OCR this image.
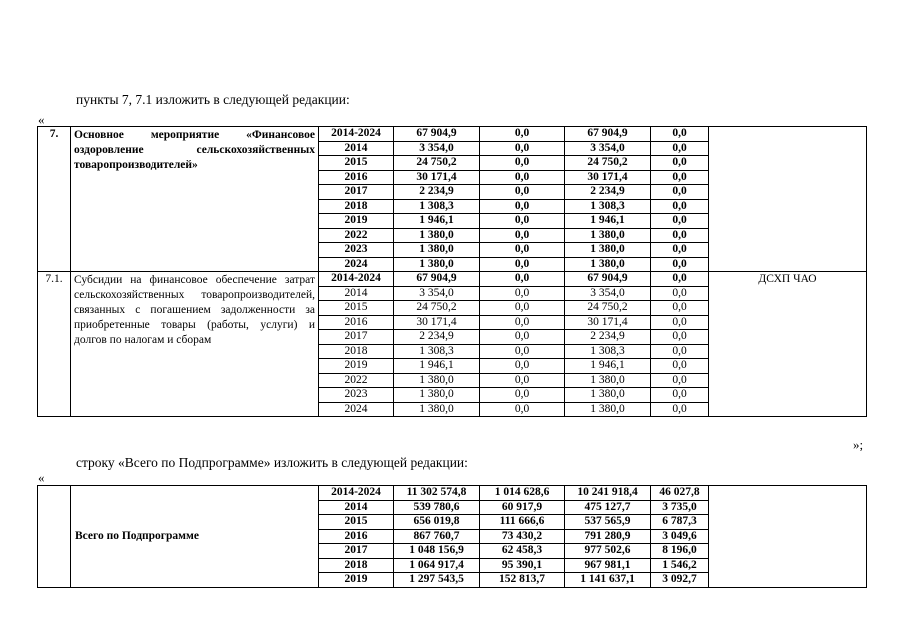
пункты 7, 7.1 изложить в следующей редакции:
«
7.	Основное мероприятие «Финансовое оздоровление сельскохозяйственных товаропроизводителей»	2014-2024	67 904,9	0,0	67 904,9	0,0	
		2014	3 354,0	0,0	3 354,0	0,0	
		2015	24 750,2	0,0	24 750,2	0,0	
		2016	30 171,4	0,0	30 171,4	0,0	
		2017	2 234,9	0,0	2 234,9	0,0	
		2018	1 308,3	0,0	1 308,3	0,0	
		2019	1 946,1	0,0	1 946,1	0,0	
		2022	1 380,0	0,0	1 380,0	0,0	
		2023	1 380,0	0,0	1 380,0	0,0	
		2024	1 380,0	0,0	1 380,0	0,0	
7.1.	Субсидии на финансовое обеспечение затрат сельскохозяйственных товаропроизводителей, связанных с погашением задолженности за приобретенные товары (работы, услуги) и долгов по налогам и сборам	2014-2024	67 904,9	0,0	67 904,9	0,0	ДСХП ЧАО
		2014	3 354,0	0,0	3 354,0	0,0	
		2015	24 750,2	0,0	24 750,2	0,0	
		2016	30 171,4	0,0	30 171,4	0,0	
		2017	2 234,9	0,0	2 234,9	0,0	
		2018	1 308,3	0,0	1 308,3	0,0	
		2019	1 946,1	0,0	1 946,1	0,0	
		2022	1 380,0	0,0	1 380,0	0,0	
		2023	1 380,0	0,0	1 380,0	0,0	
		2024	1 380,0	0,0	1 380,0	0,0	
»;
строку «Всего по Подпрограмме» изложить в следующей редакции:
«
	Всего по Подпрограмме	2014-2024	11 302 574,8	1 014 628,6	10 241 918,4	46 027,8	
		2014	539 780,6	60 917,9	475 127,7	3 735,0	
		2015	656 019,8	111 666,6	537 565,9	6 787,3	
		2016	867 760,7	73 430,2	791 280,9	3 049,6	
		2017	1 048 156,9	62 458,3	977 502,6	8 196,0	
		2018	1 064 917,4	95 390,1	967 981,1	1 546,2	
		2019	1 297 543,5	152 813,7	1 141 637,1	3 092,7	
